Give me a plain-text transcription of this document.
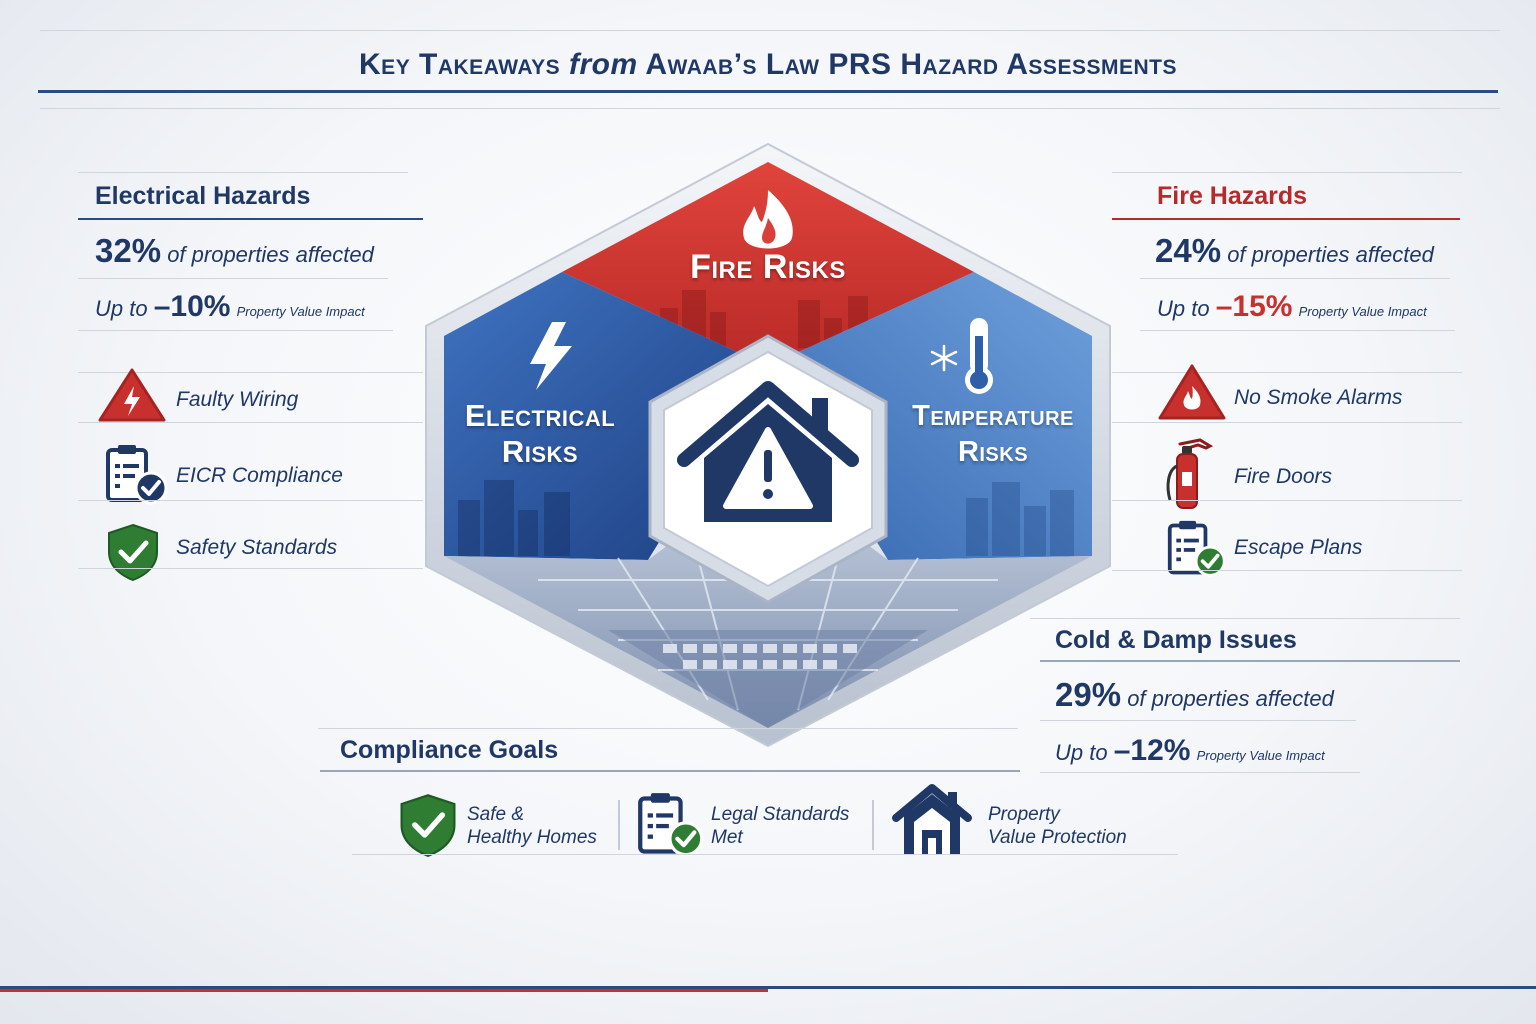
Key Takeaways from Awaab’s Law PRS Hazard Assessments
Electrical Hazards
32% of properties affected
Up to –10% Property Value Impact
Faulty Wiring
EICR Compliance
Safety Standards
Fire Hazards
24% of properties affected
Up to –15% Property Value Impact
No Smoke Alarms
Fire Doors
Escape Plans
Cold & Damp Issues
29% of properties affected
Up to –12% Property Value Impact
Fire Risks
Electrical
Risks
Temperature
Risks
Compliance Goals
Safe &
Healthy Homes
Legal Standards
Met
Property
Value Protection
